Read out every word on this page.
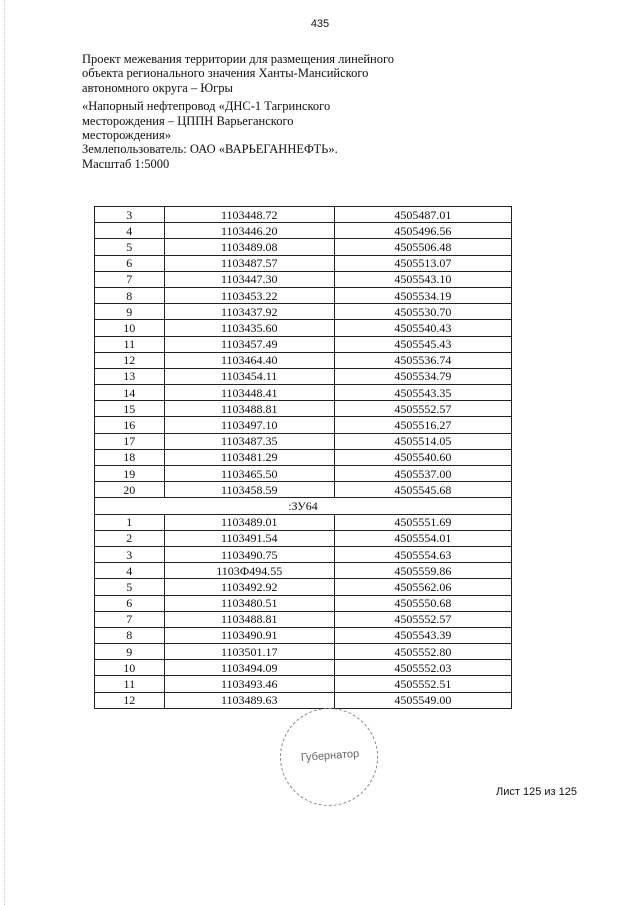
435

Проект межевания территории для размещения линейного

объекта регионального значения Ханты-Мансийского

автономного округа – Югры

«Напорный нефтепровод «ДНС-1 Тагринского

месторождения – ЦППН Варьеганского

месторождения»

Землепользователь: ОАО «ВАРЬЕГАННЕФТЬ».

Масштаб 1:5000

3	1103448.72	4505487.01
4	1103446.20	4505496.56
5	1103489.08	4505506.48
6	1103487.57	4505513.07
7	1103447.30	4505543.10
8	1103453.22	4505534.19
9	1103437.92	4505530.70
10	1103435.60	4505540.43
11	1103457.49	4505545.43
12	1103464.40	4505536.74
13	1103454.11	4505534.79
14	1103448.41	4505543.35
15	1103488.81	4505552.57
16	1103497.10	4505516.27
17	1103487.35	4505514.05
18	1103481.29	4505540.60
19	1103465.50	4505537.00
20	1103458.59	4505545.68
:ЗУ64		
1	1103489.01	4505551.69
2	1103491.54	4505554.01
3	1103490.75	4505554.63
4	1103Ф494.55	4505559.86
5	1103492.92	4505562.06
6	1103480.51	4505550.68
7	1103488.81	4505552.57
8	1103490.91	4505543.39
9	1103501.17	4505552.80
10	1103494.09	4505552.03
11	1103493.46	4505552.51
12	1103489.63	4505549.00
Губернатор
Лист 125 из 125
